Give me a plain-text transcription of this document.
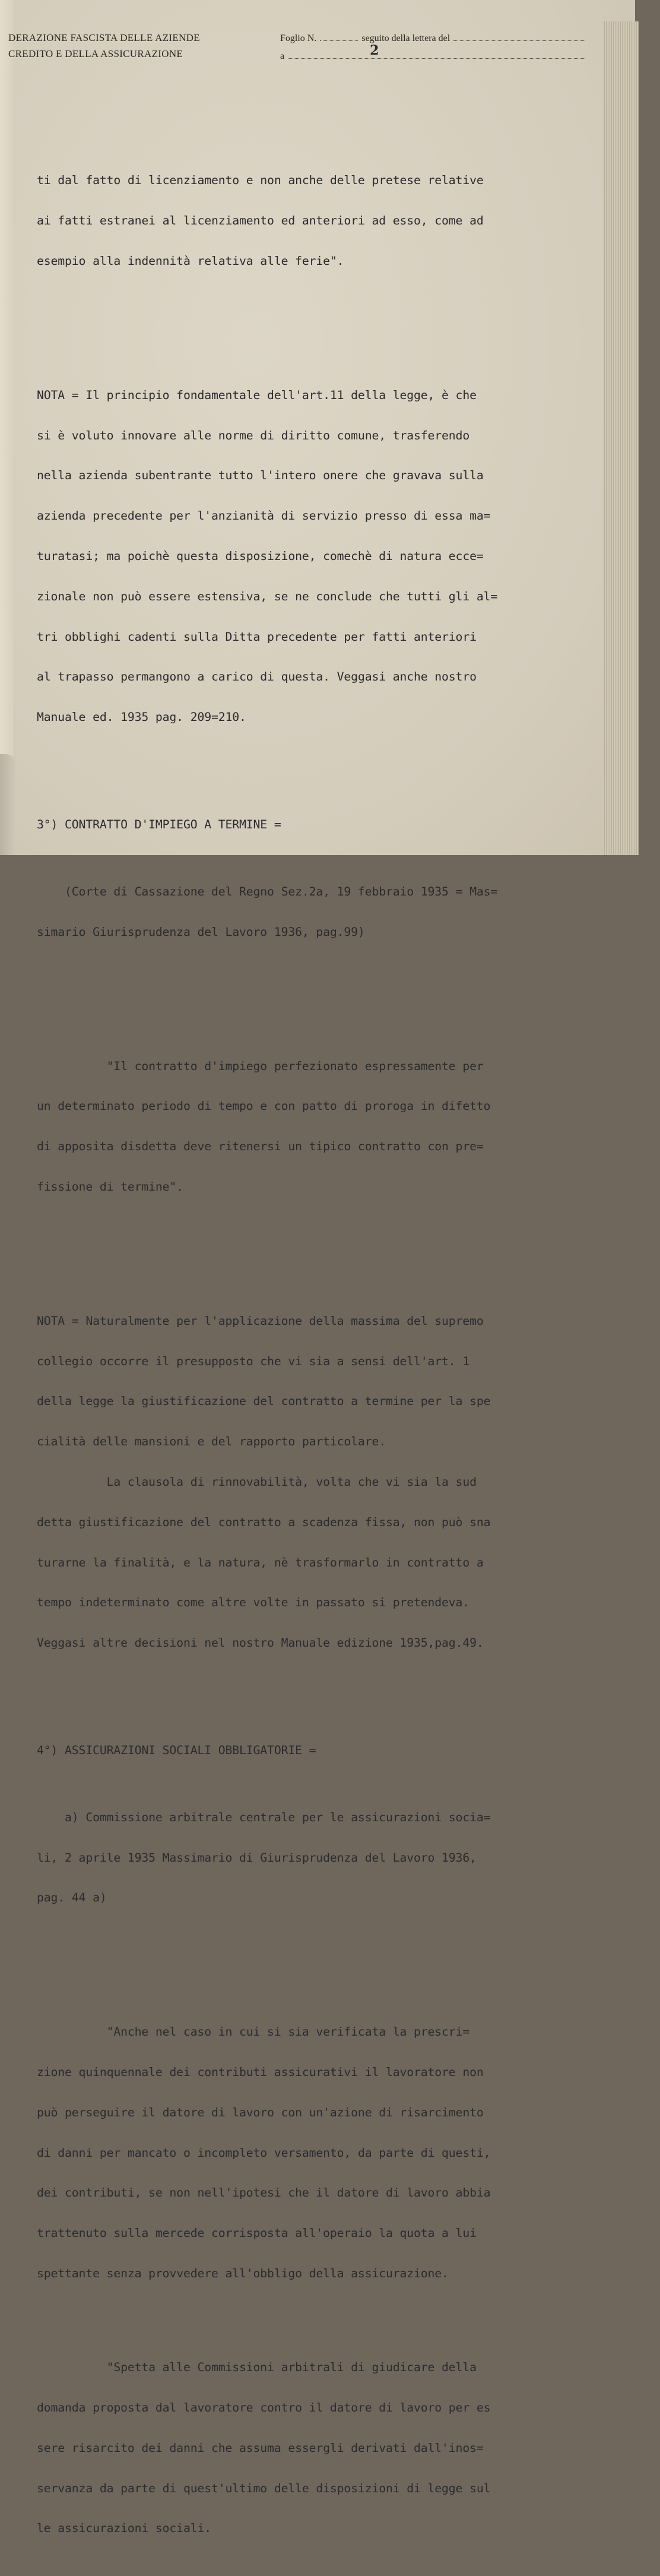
DERAZIONE FASCISTA DELLE AZIENDE
CREDITO E DELLA ASSICURAZIONE
Foglio N.	seguito della lettera del
a	2

ti dal fatto di licenziamento e non anche delle pretese relative

ai fatti estranei al licenziamento ed anteriori ad esso, come ad

esempio alla indennità relativa alle ferie".

NOTA = Il principio fondamentale dell'art.11 della legge, è che

si è voluto innovare alle norme di diritto comune, trasferendo

nella azienda subentrante tutto l'intero onere che gravava sulla

azienda precedente per l'anzianità di servizio presso di essa ma=

turatasi; ma poichè questa disposizione, comechè di natura ecce=

zionale non può essere estensiva, se ne conclude che tutti gli al=

tri obblighi cadenti sulla Ditta precedente per fatti anteriori

al trapasso permangono a carico di questa. Veggasi anche nostro

Manuale ed. 1935 pag. 209=210.

3°) CONTRATTO D'IMPIEGO A TERMINE =

(Corte di Cassazione del Regno Sez.2a, 19 febbraio 1935 = Mas=

simario Giurisprudenza del Lavoro 1936, pag.99)

"Il contratto d'impiego perfezionato espressamente per

un determinato periodo di tempo e con patto di proroga in difetto

di apposita disdetta deve ritenersi un tipico contratto con pre=

fissione di termine".

NOTA = Naturalmente per l'applicazione della massima del supremo

collegio occorre il presupposto che vi sia a sensi dell'art. 1

della legge la giustificazione del contratto a termine per la spe

cialità delle mansioni e del rapporto particolare.

La clausola di rinnovabilità, volta che vi sia la sud

detta giustificazione del contratto a scadenza fissa, non può sna

turarne la finalità, e la natura, nè trasformarlo in contratto a

tempo indeterminato come altre volte in passato si pretendeva.

Veggasi altre decisioni nel nostro Manuale edizione 1935,pag.49.

4°) ASSICURAZIONI SOCIALI OBBLIGATORIE =

a) Commissione arbitrale centrale per le assicurazioni socia=

li, 2 aprile 1935 Massimario di Giurisprudenza del Lavoro 1936,

pag. 44 a)

"Anche nel caso in cui si sia verificata la prescri=

zione quinquennale dei contributi assicurativi il lavoratore non

può perseguire il datore di lavoro con un'azione di risarcimento

di danni per mancato o incompleto versamento, da parte di questi,

dei contributi, se non nell'ipotesi che il datore di lavoro abbia

trattenuto sulla mercede corrisposta all'operaio la quota a lui

spettante senza provvedere all'obbligo della assicurazione.

"Spetta alle Commissioni arbitrali di giudicare della

domanda proposta dal lavoratore contro il datore di lavoro per es

sere risarcito dei danni che assuma essergli derivati dall'inos=

servanza da parte di quest'ultimo delle disposizioni di legge sul

le assicurazioni sociali.
